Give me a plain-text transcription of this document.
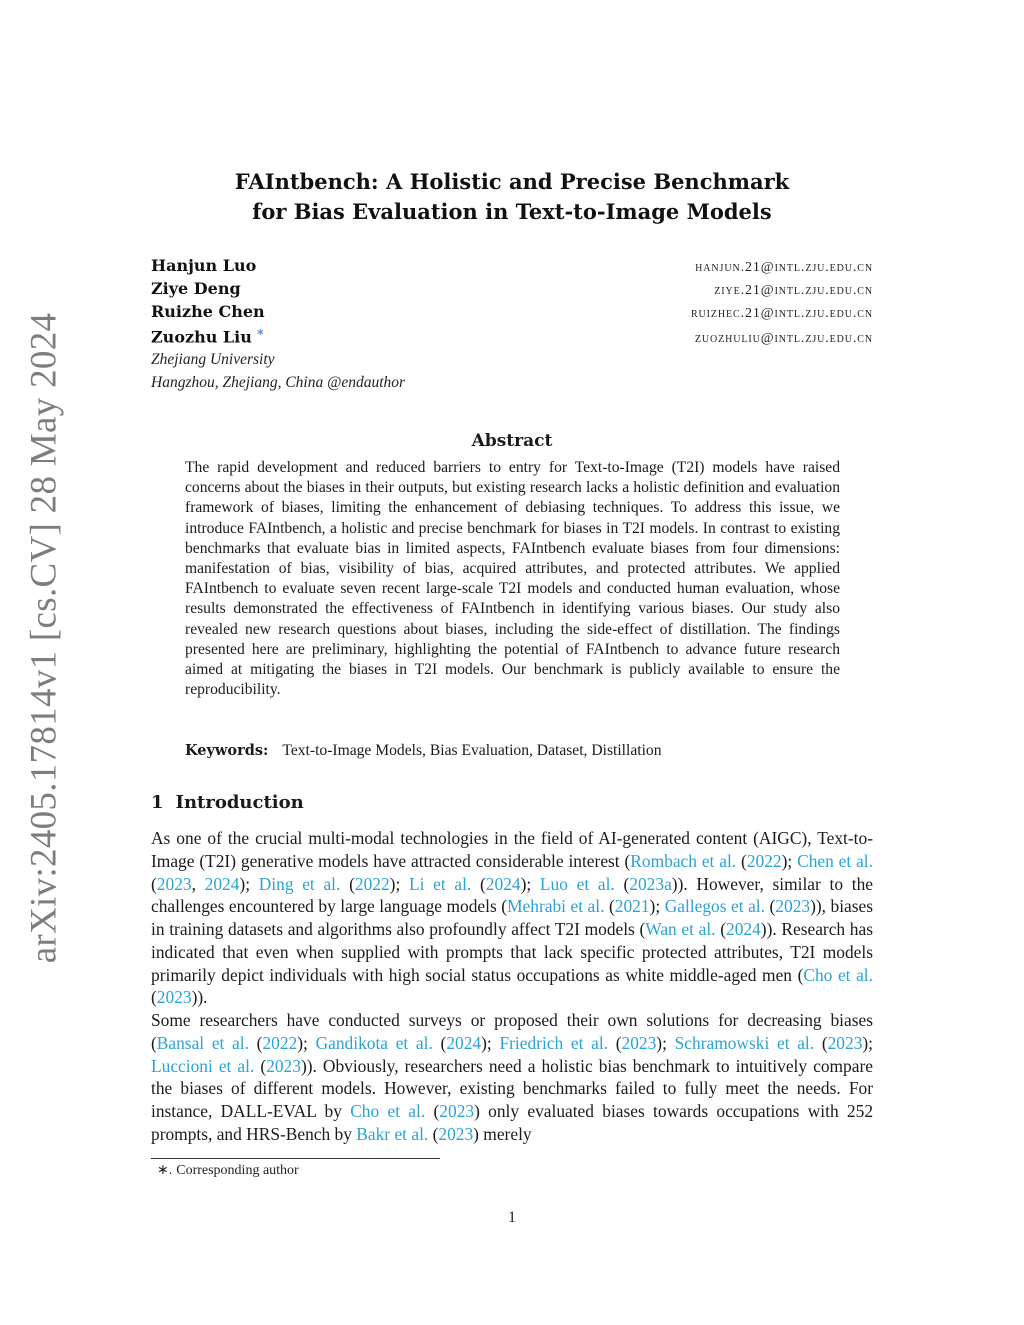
arXiv:2405.17814v1 [cs.CV] 28 May 2024
FAIntbench: A Holistic and Precise Benchmark
for Bias Evaluation in Text-to-Image Models
Hanjun Luo	hanjun.21@intl.zju.edu.cn
Ziye Deng	ziye.21@intl.zju.edu.cn
Ruizhe Chen	ruizhec.21@intl.zju.edu.cn
Zuozhu Liu ∗	zuozhuliu@intl.zju.edu.cn
Zhejiang University
Hangzhou, Zhejiang, China @endauthor
Abstract
The rapid development and reduced barriers to entry for Text-to-Image (T2I) models have raised concerns about the biases in their outputs, but existing research lacks a holistic definition and evaluation framework of biases, limiting the enhancement of debiasing techniques. To address this issue, we introduce FAIntbench, a holistic and precise benchmark for biases in T2I models. In contrast to existing benchmarks that evaluate bias in limited aspects, FAIntbench evaluate biases from four dimensions: manifestation of bias, visibility of bias, acquired attributes, and protected attributes. We applied FAIntbench to evaluate seven recent large-scale T2I models and conducted human evaluation, whose results demonstrated the effectiveness of FAIntbench in identifying various biases. Our study also revealed new research questions about biases, including the side-effect of distillation. The findings presented here are preliminary, highlighting the potential of FAIntbench to advance future research aimed at mitigating the biases in T2I models. Our benchmark is publicly available to ensure the reproducibility.
Keywords: Text-to-Image Models, Bias Evaluation, Dataset, Distillation
1 Introduction

As one of the crucial multi-modal technologies in the field of AI-generated content (AIGC), Text-to-Image (T2I) generative models have attracted considerable interest (Rombach et al. (2022); Chen et al. (2023, 2024); Ding et al. (2022); Li et al. (2024); Luo et al. (2023a)). However, similar to the challenges encountered by large language models (Mehrabi et al. (2021); Gallegos et al. (2023)), biases in training datasets and algorithms also profoundly affect T2I models (Wan et al. (2024)). Research has indicated that even when supplied with prompts that lack specific protected attributes, T2I models primarily depict individuals with high social status occupations as white middle-aged men (Cho et al. (2023)).

Some researchers have conducted surveys or proposed their own solutions for decreasing biases (Bansal et al. (2022); Gandikota et al. (2024); Friedrich et al. (2023); Schramowski et al. (2023); Luccioni et al. (2023)). Obviously, researchers need a holistic bias benchmark to intuitively compare the biases of different models. However, existing benchmarks failed to fully meet the needs. For instance, DALL-EVAL by Cho et al. (2023) only evaluated biases towards occupations with 252 prompts, and HRS-Bench by Bakr et al. (2023) merely

∗. Corresponding author
1
